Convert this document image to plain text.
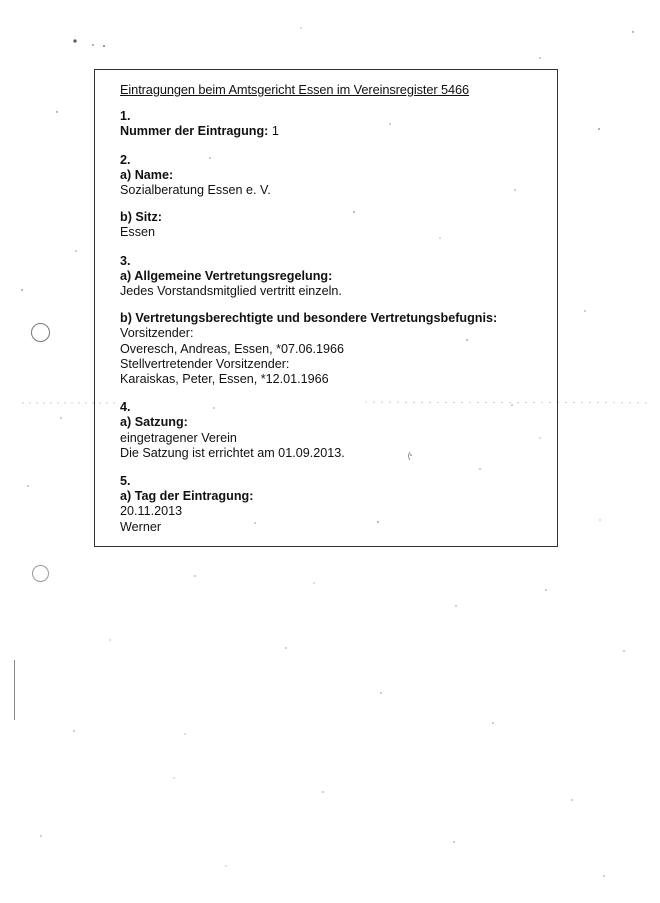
Eintragungen beim Amtsgericht Essen im Vereinsregister 5466
1.
Nummer der Eintragung: 1
2.
a) Name:
Sozialberatung Essen e. V.
b) Sitz:
Essen
3.
a) Allgemeine Vertretungsregelung:
Jedes Vorstandsmitglied vertritt einzeln.
b) Vertretungsberechtigte und besondere Vertretungsbefugnis:
Vorsitzender:
Overesch, Andreas, Essen, *07.06.1966
Stellvertretender Vorsitzender:
Karaiskas, Peter, Essen, *12.01.1966
4.
a) Satzung:
eingetragener Verein
Die Satzung ist errichtet am 01.09.2013.
5.
a) Tag der Eintragung:
20.11.2013
Werner
